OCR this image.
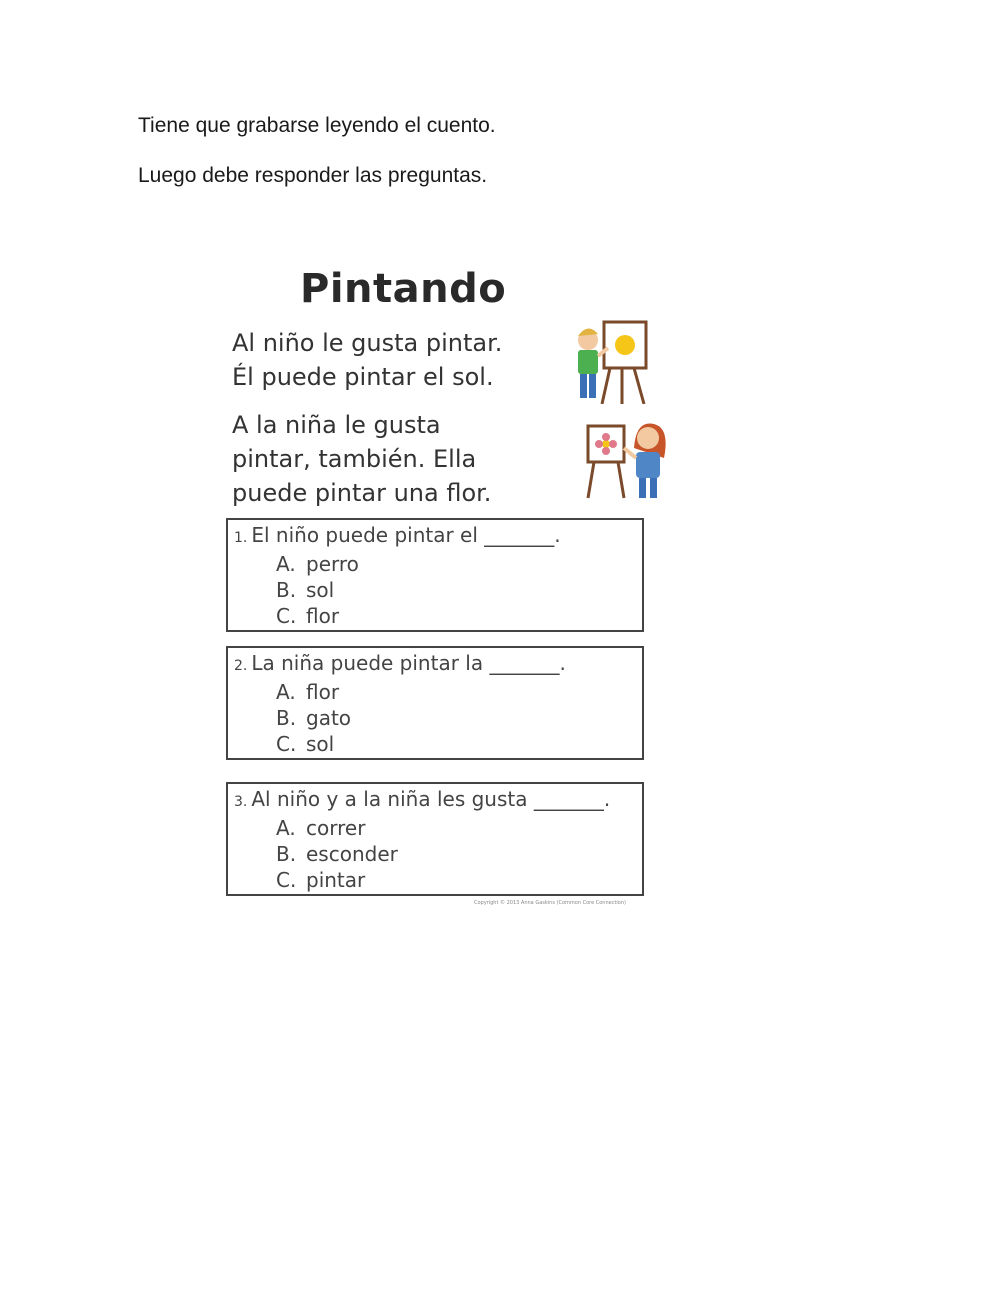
Tiene que grabarse leyendo el cuento.

Luego debe responder las preguntas.

Pintando

Al niño le gusta pintar.

Él puede pintar el sol.

A la niña le gusta

pintar, también. Ella

puede pintar una flor.

1. El niño puede pintar el _______.
A. perro
B. sol
C. flor
2. La niña puede pintar la _______.
A. flor
B. gato
C. sol
3. Al niño y a la niña les gusta _______.
A. correr
B. esconder
C. pintar
Copyright © 2013 Anna Gaskins (Common Core Connection)
